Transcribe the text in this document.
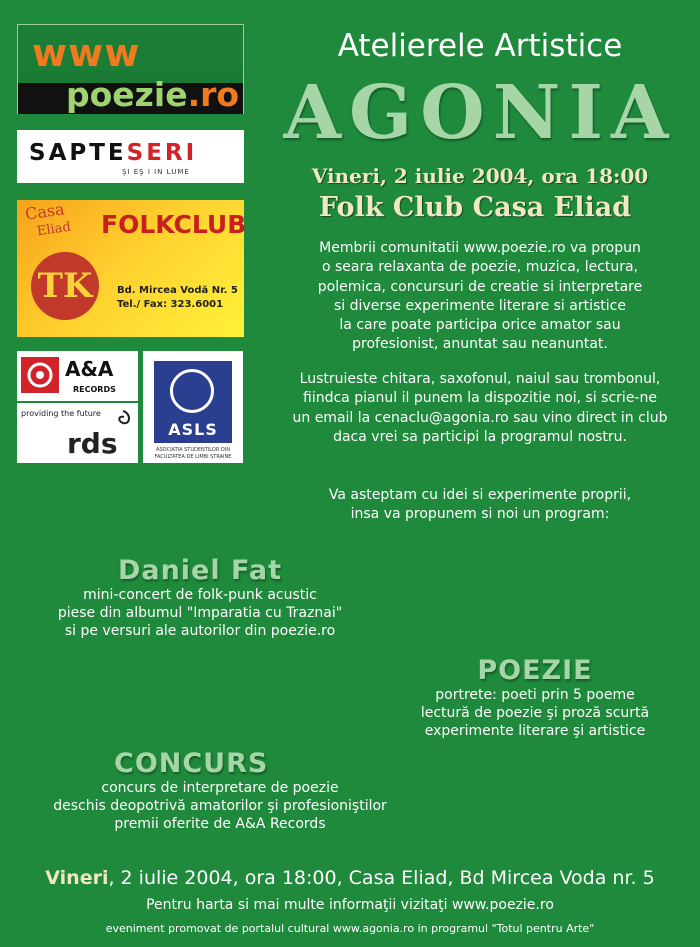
www
poezie.ro
SAPTESERI
ŞI EŞ I IN LUME
Casa
Eliad FOLKCLUB
TK	Bd. Mircea Vodă Nr. 5
Tel./ Fax: 323.6001
A&A
RECORDS
providing the future
rds	ASLS
ASOCIATIA STUDENTILOR DIN FACULTATEA DE LIMBI STRAINE
Atelierele Artistice
AGONIA
Vineri, 2 iulie 2004, ora 18:00
Folk Club Casa Eliad
Membrii comunitatii www.poezie.ro va propun
o seara relaxanta de poezie, muzica, lectura,
polemica, concursuri de creatie si interpretare
si diverse experimente literare si artistice
la care poate participa orice amator sau
profesionist, anuntat sau neanuntat.
Lustruieste chitara, saxofonul, naiul sau trombonul,
fiindca pianul il punem la dispozitie noi, si scrie-ne
un email la cenaclu@agonia.ro sau vino direct in club
daca vrei sa participi la programul nostru.
Va asteptam cu idei si experimente proprii,
insa va propunem si noi un program:
Daniel Fat
mini-concert de folk-punk acustic
piese din albumul "Imparatia cu Traznai"
si pe versuri ale autorilor din poezie.ro
POEZIE
portrete: poeti prin 5 poeme
lectură de poezie şi proză scurtă
experimente literare şi artistice
CONCURS
concurs de interpretare de poezie
deschis deopotrivă amatorilor şi profesioniştilor
premii oferite de A&A Records
Vineri, 2 iulie 2004, ora 18:00, Casa Eliad, Bd Mircea Voda nr. 5
Pentru harta si mai multe informaţii vizitaţi www.poezie.ro
eveniment promovat de portalul cultural www.agonia.ro in programul "Totul pentru Arte"
